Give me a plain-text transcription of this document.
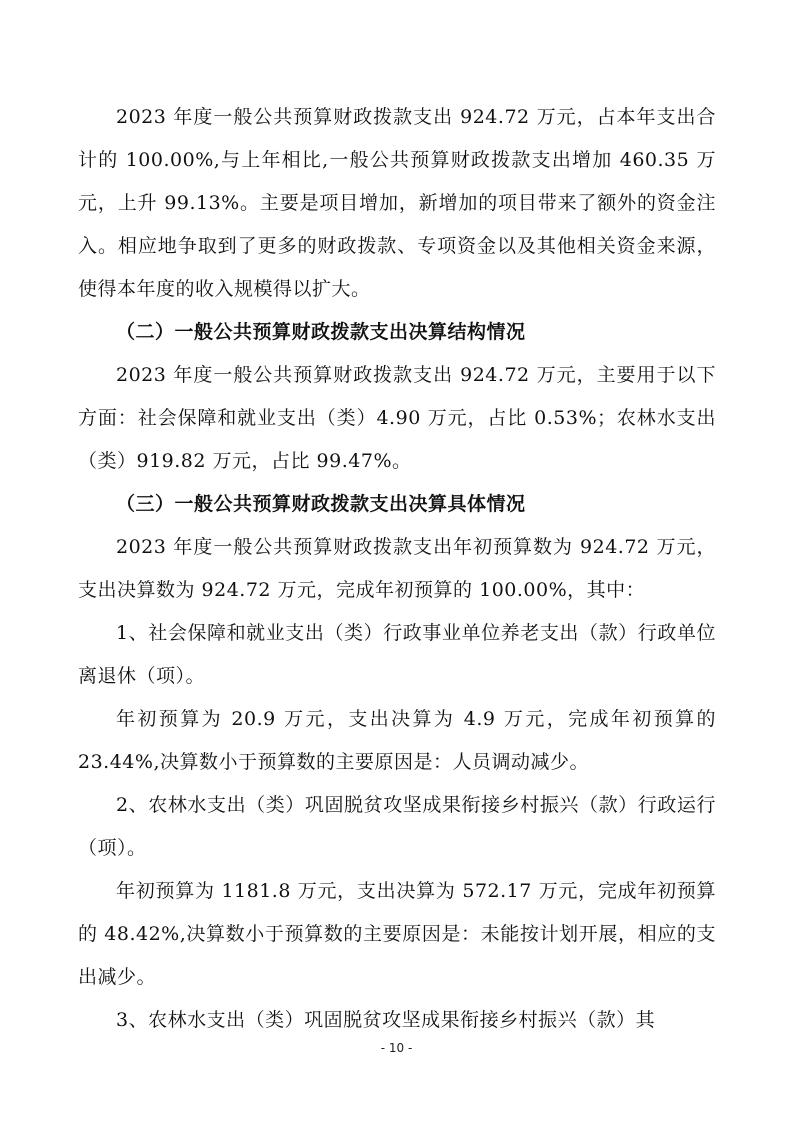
2023 年度一般公共预算财政拨款支出 924.72 万元，占本年支出合计的 100.00%,与上年相比,一般公共预算财政拨款支出增加 460.35 万元，上升 99.13%。主要是项目增加，新增加的项目带来了额外的资金注入。相应地争取到了更多的财政拨款、专项资金以及其他相关资金来源，使得本年度的收入规模得以扩大。

（二）一般公共预算财政拨款支出决算结构情况

2023 年度一般公共预算财政拨款支出 924.72 万元，主要用于以下方面：社会保障和就业支出（类）4.90 万元，占比 0.53%；农林水支出（类）919.82 万元，占比 99.47%。

（三）一般公共预算财政拨款支出决算具体情况

2023 年度一般公共预算财政拨款支出年初预算数为 924.72 万元，支出决算数为 924.72 万元，完成年初预算的 100.00%，其中：

1、社会保障和就业支出（类）行政事业单位养老支出（款）行政单位离退休（项）。

年初预算为 20.9 万元，支出决算为 4.9 万元，完成年初预算的 23.44%,决算数小于预算数的主要原因是：人员调动减少。

2、农林水支出（类）巩固脱贫攻坚成果衔接乡村振兴（款）行政运行（项）。

年初预算为 1181.8 万元，支出决算为 572.17 万元，完成年初预算的 48.42%,决算数小于预算数的主要原因是：未能按计划开展，相应的支出减少。

3、农林水支出（类）巩固脱贫攻坚成果衔接乡村振兴（款）其

- 10 -
